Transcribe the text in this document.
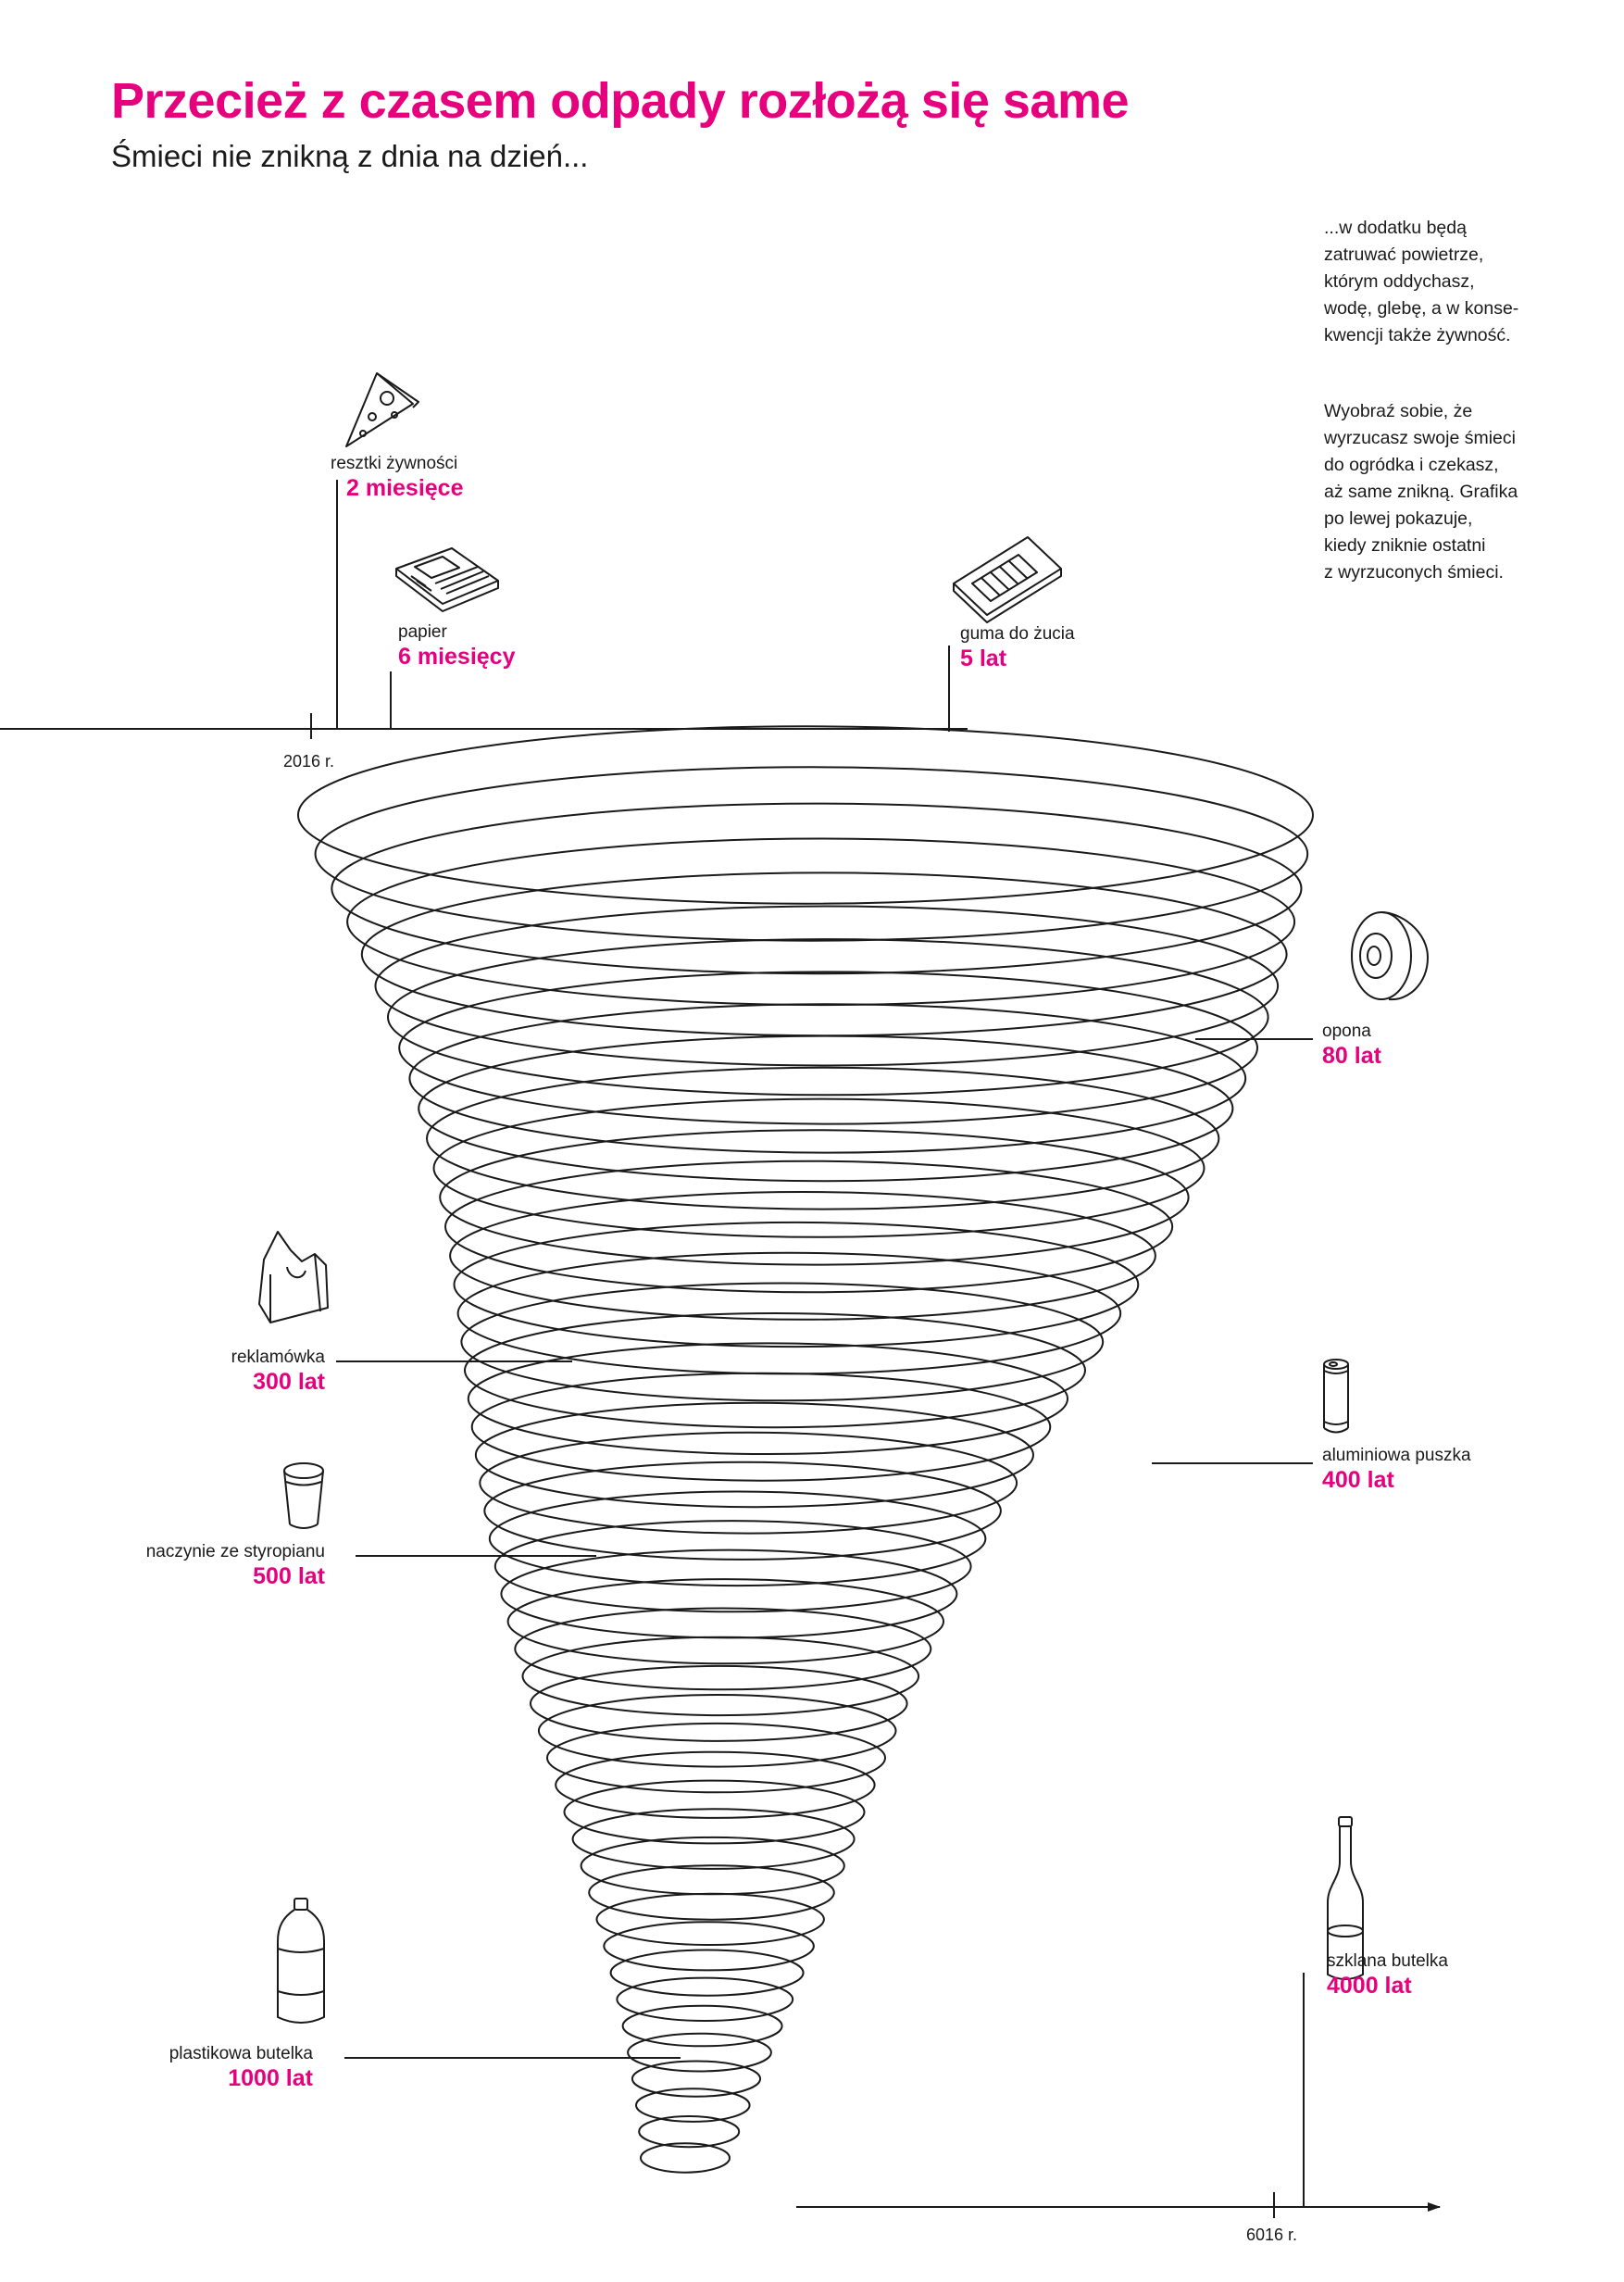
Przecież z czasem odpady rozłożą się same
Śmieci nie znikną z dnia na dzień...

...w dodatku będą
zatruwać powietrze,
którym oddychasz,
wodę, glebę, a w konse-
kwencji także żywność.

Wyobraź sobie, że
wyrzucasz swoje śmieci
do ogródka i czekasz,
aż same znikną. Grafika
po lewej pokazuje,
kiedy zniknie ostatni
z wyrzuconych śmieci.

resztki żywności
2 miesięce
papier
6 miesięcy
guma do żucia
5 lat
opona
80 lat
reklamówka
300 lat
aluminiowa puszka
400 lat
naczynie ze styropianu
500 lat
plastikowa butelka
1000 lat
szklana butelka
4000 lat
2016 r.
6016 r.
